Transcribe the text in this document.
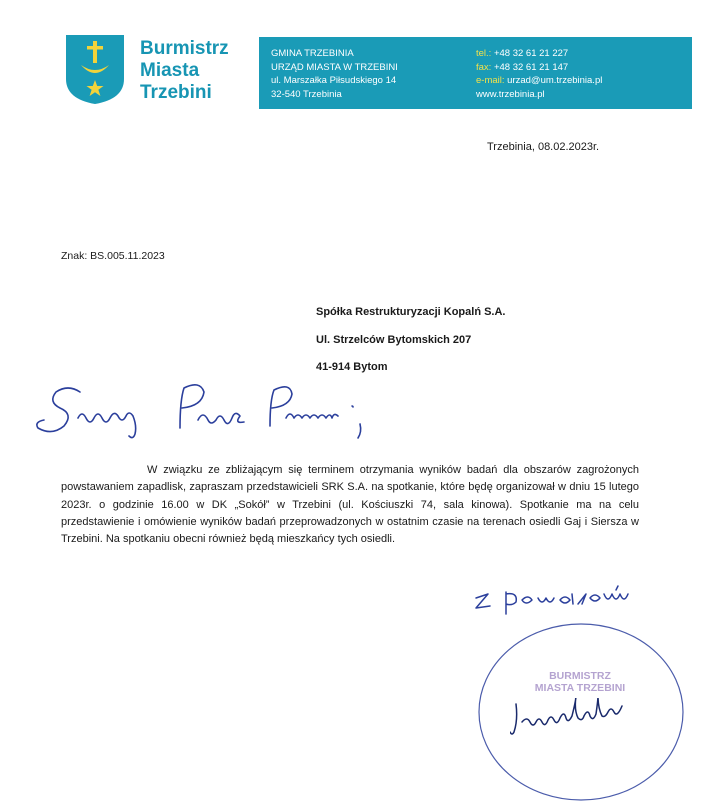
Burmistrz
Miasta
Trzebini
GMINA TRZEBINIA
URZĄD MIASTA W TRZEBINI
ul. Marszałka Piłsudskiego 14
32-540 Trzebinia
tel.: +48 32 61 21 227
fax: +48 32 61 21 147
e-mail: urzad@um.trzebinia.pl
www.trzebinia.pl
Trzebinia, 08.02.2023r.
Znak: BS.005.11.2023
Spółka Restrukturyzacji Kopalń S.A.
Ul. Strzelców Bytomskich 207
41-914 Bytom
W związku ze zbliżającym się terminem otrzymania wyników badań dla obszarów zagrożonych powstawaniem zapadlisk, zapraszam przedstawicieli SRK S.A. na spotkanie, które będę organizował w dniu 15 lutego 2023r. o godzinie 16.00 w DK „Sokół” w Trzebini (ul. Kościuszki 74, sala kinowa). Spotkanie ma na celu przedstawienie i omówienie wyników badań przeprowadzonych w ostatnim czasie na terenach osiedli Gaj i Siersza w Trzebini. Na spotkaniu obecni również będą mieszkańcy tych osiedli.
BURMISTRZ
MIASTA TRZEBINI
